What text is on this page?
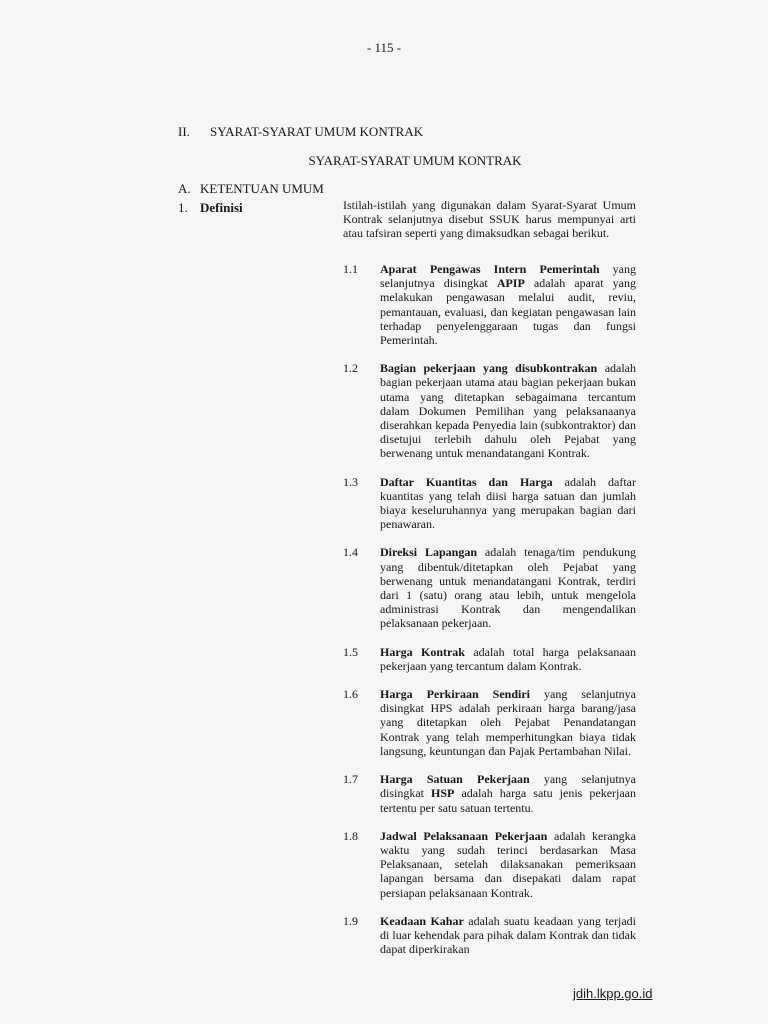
- 115 -
II. SYARAT-SYARAT UMUM KONTRAK
SYARAT-SYARAT UMUM KONTRAK
A. KETENTUAN UMUM
1. Definisi	Istilah-istilah yang digunakan dalam Syarat-Syarat Umum Kontrak selanjutnya disebut SSUK harus mempunyai arti atau tafsiran seperti yang dimaksudkan sebagai berikut.
1.1	Aparat Pengawas Intern Pemerintah yang selanjutnya disingkat APIP adalah aparat yang melakukan pengawasan melalui audit, reviu, pemantauan, evaluasi, dan kegiatan pengawasan lain terhadap penyelenggaraan tugas dan fungsi Pemerintah.
1.2	Bagian pekerjaan yang disubkontrakan adalah bagian pekerjaan utama atau bagian pekerjaan bukan utama yang ditetapkan sebagaimana tercantum dalam Dokumen Pemilihan yang pelaksanaanya diserahkan kepada Penyedia lain (subkontraktor) dan disetujui terlebih dahulu oleh Pejabat yang berwenang untuk menandatangani Kontrak.
1.3	Daftar Kuantitas dan Harga adalah daftar kuantitas yang telah diisi harga satuan dan jumlah biaya keseluruhannya yang merupakan bagian dari penawaran.
1.4	Direksi Lapangan adalah tenaga/tim pendukung yang dibentuk/ditetapkan oleh Pejabat yang berwenang untuk menandatangani Kontrak, terdiri dari 1 (satu) orang atau lebih, untuk mengelola administrasi Kontrak dan mengendalikan pelaksanaan pekerjaan.
1.5	Harga Kontrak adalah total harga pelaksanaan pekerjaan yang tercantum dalam Kontrak.
1.6	Harga Perkiraan Sendiri yang selanjutnya disingkat HPS adalah perkiraan harga barang/jasa yang ditetapkan oleh Pejabat Penandatangan Kontrak yang telah memperhitungkan biaya tidak langsung, keuntungan dan Pajak Pertambahan Nilai.
1.7	Harga Satuan Pekerjaan yang selanjutnya disingkat HSP adalah harga satu jenis pekerjaan tertentu per satu satuan tertentu.
1.8	Jadwal Pelaksanaan Pekerjaan adalah kerangka waktu yang sudah terinci berdasarkan Masa Pelaksanaan, setelah dilaksanakan pemeriksaan lapangan bersama dan disepakati dalam rapat persiapan pelaksanaan Kontrak.
1.9	Keadaan Kahar adalah suatu keadaan yang terjadi di luar kehendak para pihak dalam Kontrak dan tidak dapat diperkirakan
jdih.lkpp.go.id
